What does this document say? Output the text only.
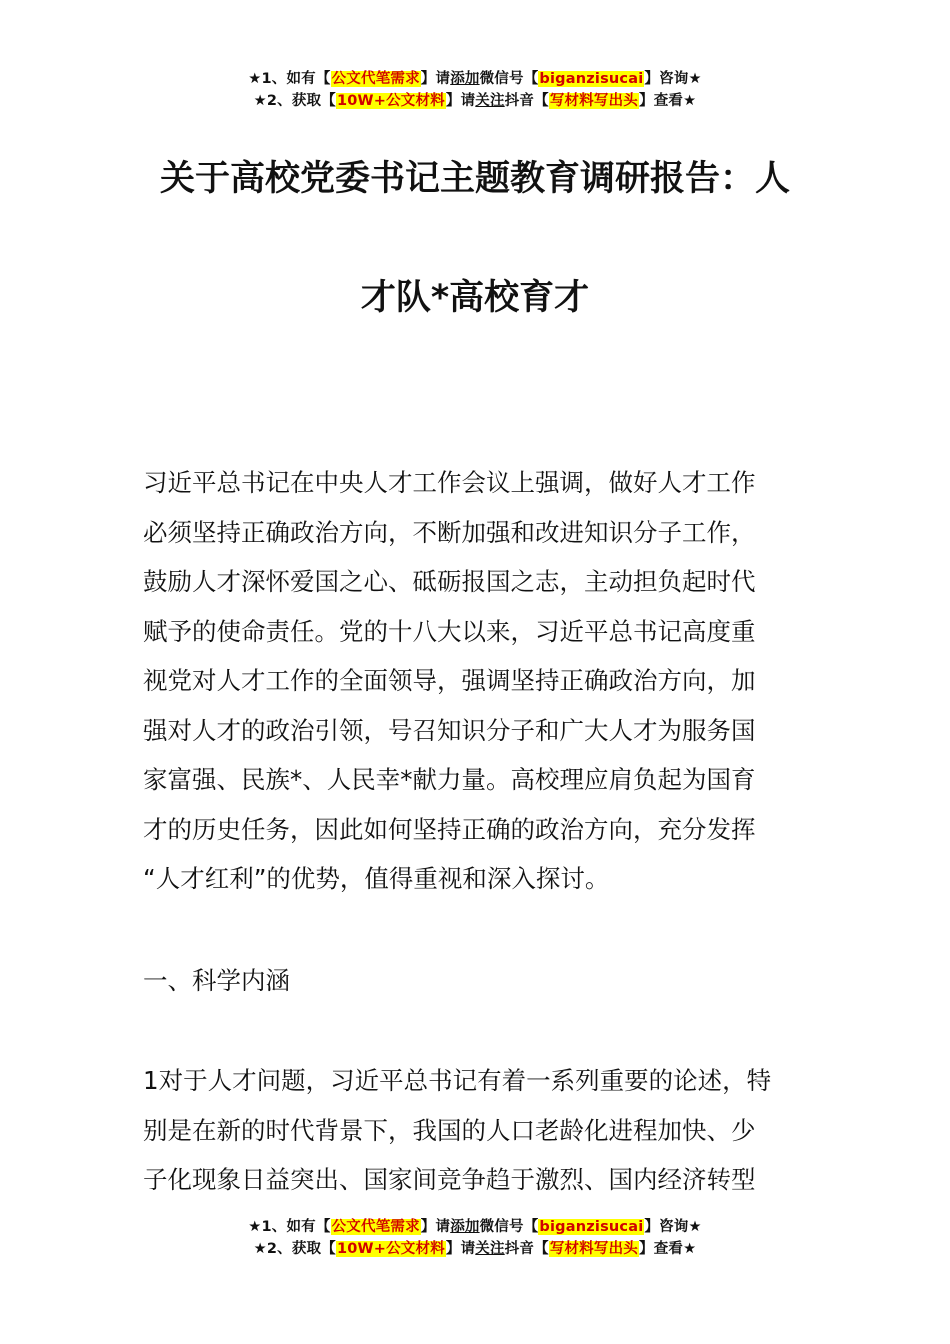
★1、如有【公文代笔需求】请添加微信号【biganzisucai】咨询★
★2、获取【10W+公文材料】请关注抖音【写材料写出头】查看★
关于高校党委书记主题教育调研报告：人
才队*高校育才
习近平总书记在中央人才工作会议上强调，做好人才工作
必须坚持正确政治方向，不断加强和改进知识分子工作，
鼓励人才深怀爱国之心、砥砺报国之志，主动担负起时代
赋予的使命责任。党的十八大以来，习近平总书记高度重
视党对人才工作的全面领导，强调坚持正确政治方向，加
强对人才的政治引领，号召知识分子和广大人才为服务国
家富强、民族*、人民幸*献力量。高校理应肩负起为国育
才的历史任务，因此如何坚持正确的政治方向，充分发挥
“人才红利”的优势，值得重视和深入探讨。
一、科学内涵
1对于人才问题，习近平总书记有着一系列重要的论述，特
别是在新的时代背景下，我国的人口老龄化进程加快、少
子化现象日益突出、国家间竞争趋于激烈、国内经济转型
★1、如有【公文代笔需求】请添加微信号【biganzisucai】咨询★
★2、获取【10W+公文材料】请关注抖音【写材料写出头】查看★
